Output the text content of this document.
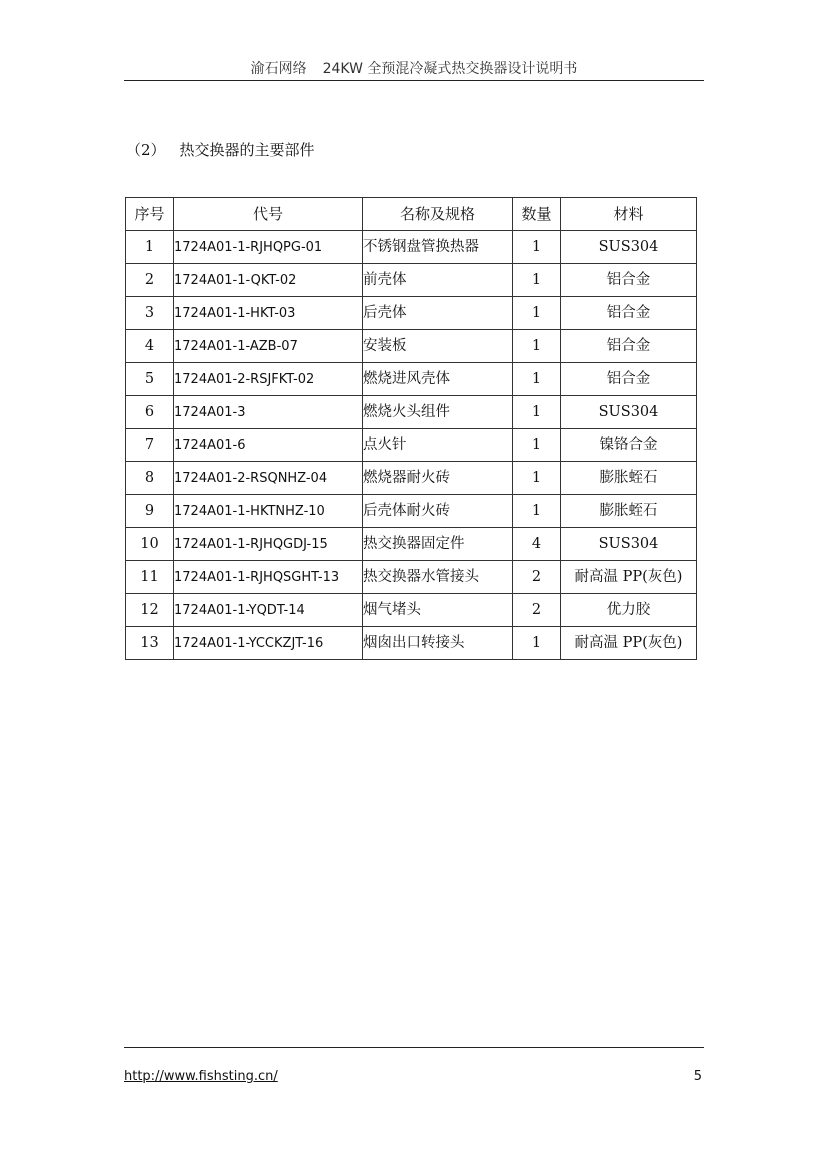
渝石网络 24KW 全预混冷凝式热交换器设计说明书
（2） 热交换器的主要部件
序号	代号	名称及规格	数量	材料
1	1724A01-1-RJHQPG-01	不锈钢盘管换热器	1	SUS304
2	1724A01-1-QKT-02	前壳体	1	铝合金
3	1724A01-1-HKT-03	后壳体	1	铝合金
4	1724A01-1-AZB-07	安装板	1	铝合金
5	1724A01-2-RSJFKT-02	燃烧进风壳体	1	铝合金
6	1724A01-3	燃烧火头组件	1	SUS304
7	1724A01-6	点火针	1	镍铬合金
8	1724A01-2-RSQNHZ-04	燃烧器耐火砖	1	膨胀蛭石
9	1724A01-1-HKTNHZ-10	后壳体耐火砖	1	膨胀蛭石
10	1724A01-1-RJHQGDJ-15	热交换器固定件	4	SUS304
11	1724A01-1-RJHQSGHT-13	热交换器水管接头	2	耐高温 PP(灰色)
12	1724A01-1-YQDT-14	烟气堵头	2	优力胶
13	1724A01-1-YCCKZJT-16	烟囱出口转接头	1	耐高温 PP(灰色)
http://www.fishsting.cn/	5
